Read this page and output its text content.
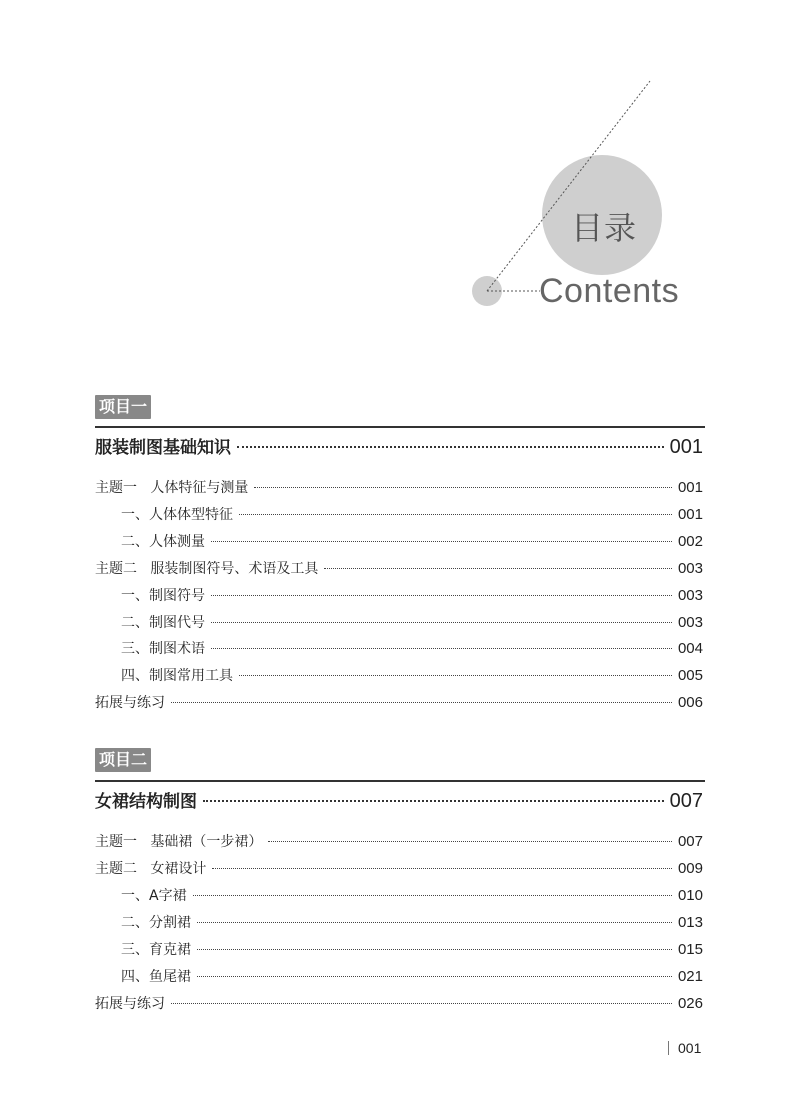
目录
Contents
项目一
服装制图基础知识	001
主题一   人体特征与测量	001
一、人体体型特征	001
二、人体测量	002
主题二   服装制图符号、术语及工具	003
一、制图符号	003
二、制图代号	003
三、制图术语	004
四、制图常用工具	005
拓展与练习	006
项目二
女裙结构制图	007
主题一   基础裙（一步裙）	007
主题二   女裙设计	009
一、A字裙	010
二、分割裙	013
三、育克裙	015
四、鱼尾裙	021
拓展与练习	026
001
